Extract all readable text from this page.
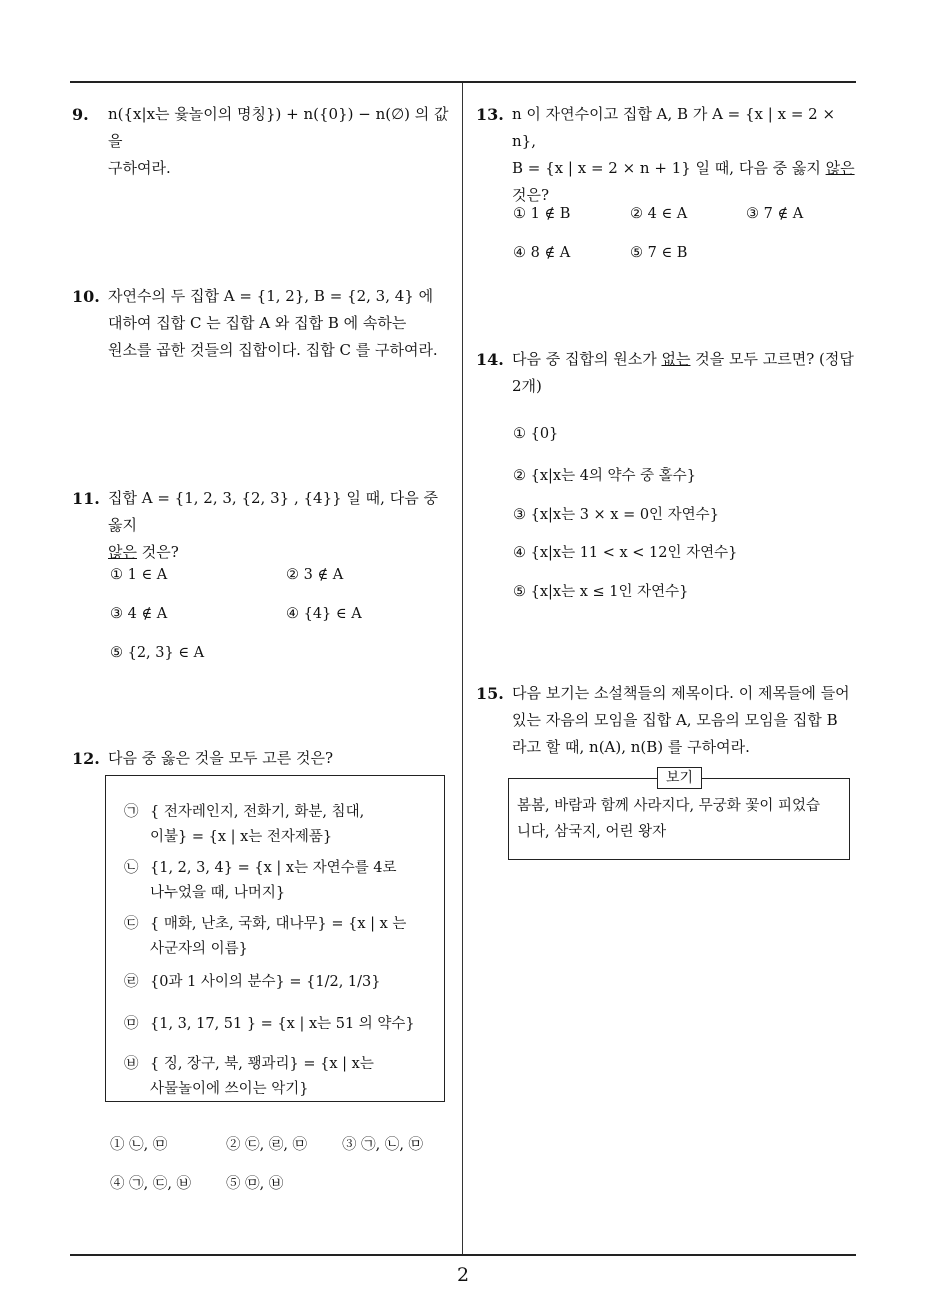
9. n({x|x는 윷놀이의 명칭}) + n({0}) − n(∅) 의 값을
구하여라.
10. 자연수의 두 집합 A = {1, 2}, B = {2, 3, 4} 에
대하여 집합 C 는 집합 A 와 집합 B 에 속하는
원소를 곱한 것들의 집합이다. 집합 C 를 구하여라.
11. 집합 A = {1, 2, 3, {2, 3} , {4}} 일 때, 다음 중 옳지
않은 것은?
① 1 ∈ A	② 3 ∉ A
③ 4 ∉ A	④ {4} ∈ A
⑤ {2, 3} ∈ A
12. 다음 중 옳은 것을 모두 고른 것은?
㉠ { 전자레인지, 전화기, 화분, 침대,
이불} = {x | x는 전자제품}
㉡ {1, 2, 3, 4} = {x | x는 자연수를 4로
나누었을 때, 나머지}
㉢ { 매화, 난초, 국화, 대나무} = {x | x 는
사군자의 이름}
㉣ {0과 1 사이의 분수} = {1/2, 1/3}
㉤ {1, 3, 17, 51 } = {x | x는 51 의 약수}
㉥ { 징, 장구, 북, 꽹과리} = {x | x는
사물놀이에 쓰이는 악기}
① ㉡, ㉤	② ㉢, ㉣, ㉤ ③ ㉠, ㉡, ㉤
④ ㉠, ㉢, ㉥ ⑤ ㉤, ㉥
13. n 이 자연수이고 집합 A, B 가 A = {x | x = 2 × n},
B = {x | x = 2 × n + 1} 일 때, 다음 중 옳지 않은
것은?
① 1 ∉ B	② 4 ∈ A	③ 7 ∉ A
④ 8 ∉ A	⑤ 7 ∈ B
14. 다음 중 집합의 원소가 없는 것을 모두 고르면? (정답
2개)
① {0}
② {x|x는 4의 약수 중 홀수}
③ {x|x는 3 × x = 0인 자연수}
④ {x|x는 11 < x < 12인 자연수}
⑤ {x|x는 x ≤ 1인 자연수}
15. 다음 보기는 소설책들의 제목이다. 이 제목들에 들어
있는 자음의 모임을 집합 A, 모음의 모임을 집합 B
라고 할 때, n(A), n(B) 를 구하여라.
보기
봄봄, 바람과 함께 사라지다, 무궁화 꽃이 피었습
니다, 삼국지, 어린 왕자
2
